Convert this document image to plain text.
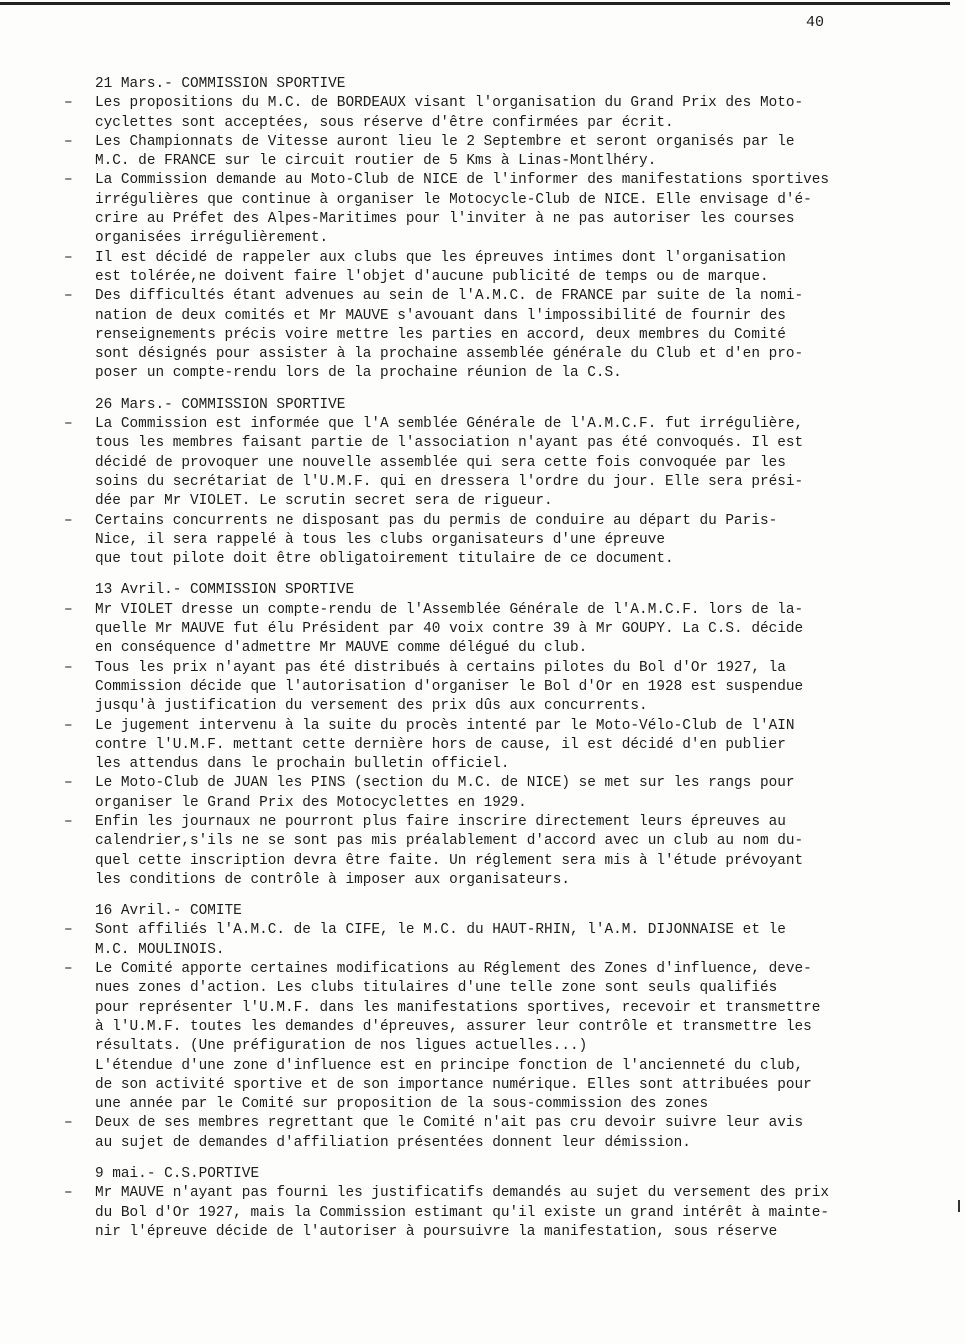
40
21 Mars.- COMMISSION SPORTIVE
–	Les propositions du M.C. de BORDEAUX visant l'organisation du Grand Prix des Moto-
cyclettes sont acceptées, sous réserve d'être confirmées par écrit.
–	Les Championnats de Vitesse auront lieu le 2 Septembre et seront organisés par le
M.C. de FRANCE sur le circuit routier de 5 Kms à Linas-Montlhéry.
–	La Commission demande au Moto-Club de NICE de l'informer des manifestations sportives
irrégulières que continue à organiser le Motocycle-Club de NICE. Elle envisage d'é-
crire au Préfet des Alpes-Maritimes pour l'inviter à ne pas autoriser les courses
organisées irrégulièrement.
–	Il est décidé de rappeler aux clubs que les épreuves intimes dont l'organisation
est tolérée,ne doivent faire l'objet d'aucune publicité de temps ou de marque.
–	Des difficultés étant advenues au sein de l'A.M.C. de FRANCE par suite de la nomi-
nation de deux comités et Mr MAUVE s'avouant dans l'impossibilité de fournir des
renseignements précis voire mettre les parties en accord, deux membres du Comité
sont désignés pour assister à la prochaine assemblée générale du Club et d'en pro-
poser un compte-rendu lors de la prochaine réunion de la C.S.
26 Mars.- COMMISSION SPORTIVE
–	La Commission est informée que l'A semblée Générale de l'A.M.C.F. fut irrégulière,
tous les membres faisant partie de l'association n'ayant pas été convoqués. Il est
décidé de provoquer une nouvelle assemblée qui sera cette fois convoquée par les
soins du secrétariat de l'U.M.F. qui en dressera l'ordre du jour. Elle sera prési-
dée par Mr VIOLET. Le scrutin secret sera de rigueur.
–	Certains concurrents ne disposant pas du permis de conduire au départ du Paris-
Nice, il sera rappelé à tous les clubs organisateurs d'une épreuve
que tout pilote doit être obligatoirement titulaire de ce document.
13 Avril.- COMMISSION SPORTIVE
–	Mr VIOLET dresse un compte-rendu de l'Assemblée Générale de l'A.M.C.F. lors de la-
quelle Mr MAUVE fut élu Président par 40 voix contre 39 à Mr GOUPY. La C.S. décide
en conséquence d'admettre Mr MAUVE comme délégué du club.
–	Tous les prix n'ayant pas été distribués à certains pilotes du Bol d'Or 1927, la
Commission décide que l'autorisation d'organiser le Bol d'Or en 1928 est suspendue
jusqu'à justification du versement des prix dûs aux concurrents.
–	Le jugement intervenu à la suite du procès intenté par le Moto-Vélo-Club de l'AIN
contre l'U.M.F. mettant cette dernière hors de cause, il est décidé d'en publier
les attendus dans le prochain bulletin officiel.
–	Le Moto-Club de JUAN les PINS (section du M.C. de NICE) se met sur les rangs pour
organiser le Grand Prix des Motocyclettes en 1929.
–	Enfin les journaux ne pourront plus faire inscrire directement leurs épreuves au
calendrier,s'ils ne se sont pas mis préalablement d'accord avec un club au nom du-
quel cette inscription devra être faite. Un réglement sera mis à l'étude prévoyant
les conditions de contrôle à imposer aux organisateurs.
16 Avril.- COMITE
–	Sont affiliés l'A.M.C. de la CIFE, le M.C. du HAUT-RHIN, l'A.M. DIJONNAISE et le
M.C. MOULINOIS.
–	Le Comité apporte certaines modifications au Réglement des Zones d'influence, deve-
nues zones d'action. Les clubs titulaires d'une telle zone sont seuls qualifiés
pour représenter l'U.M.F. dans les manifestations sportives, recevoir et transmettre
à l'U.M.F. toutes les demandes d'épreuves, assurer leur contrôle et transmettre les
résultats. (Une préfiguration de nos ligues actuelles...)
L'étendue d'une zone d'influence est en principe fonction de l'ancienneté du club,
de son activité sportive et de son importance numérique. Elles sont attribuées pour
une année par le Comité sur proposition de la sous-commission des zones
–	Deux de ses membres regrettant que le Comité n'ait pas cru devoir suivre leur avis
au sujet de demandes d'affiliation présentées donnent leur démission.
9 mai.- C.S.PORTIVE
–	Mr MAUVE n'ayant pas fourni les justificatifs demandés au sujet du versement des prix
du Bol d'Or 1927, mais la Commission estimant qu'il existe un grand intérêt à mainte-
nir l'épreuve décide de l'autoriser à poursuivre la manifestation, sous réserve
